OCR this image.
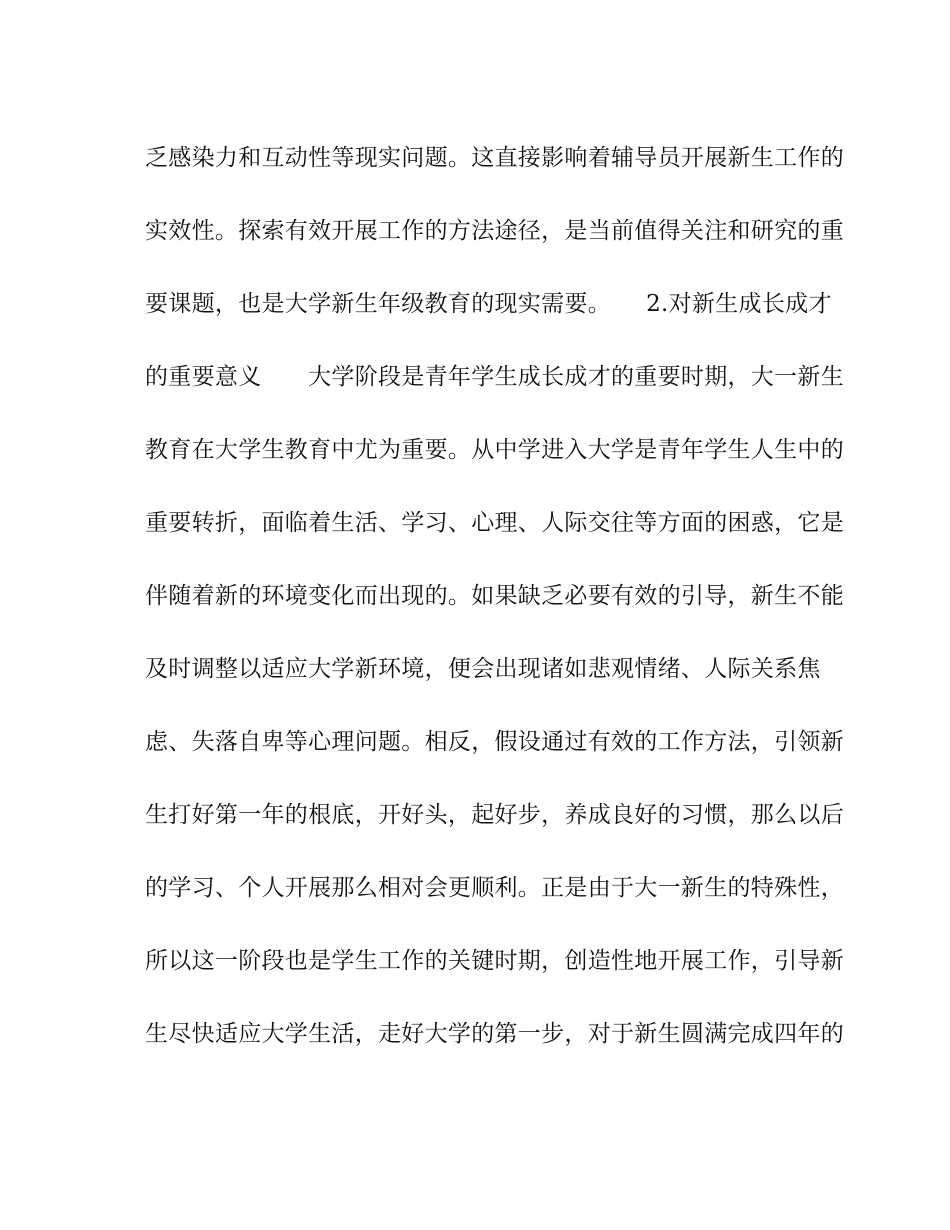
乏感染力和互动性等现实问题。这直接影响着辅导员开展新生工作的
实效性。探索有效开展工作的方法途径，是当前值得关注和研究的重
要课题，也是大学新生年级教育的现实需要。　　2.对新生成长成才
的重要意义　　大学阶段是青年学生成长成才的重要时期，大一新生
教育在大学生教育中尤为重要。从中学进入大学是青年学生人生中的
重要转折，面临着生活、学习、心理、人际交往等方面的困惑，它是
伴随着新的环境变化而出现的。如果缺乏必要有效的引导，新生不能
及时调整以适应大学新环境，便会出现诸如悲观情绪、人际关系焦
虑、失落自卑等心理问题。相反，假设通过有效的工作方法，引领新
生打好第一年的根底，开好头，起好步，养成良好的习惯，那么以后
的学习、个人开展那么相对会更顺利。正是由于大一新生的特殊性，
所以这一阶段也是学生工作的关键时期，创造性地开展工作，引导新
生尽快适应大学生活，走好大学的第一步，对于新生圆满完成四年的
